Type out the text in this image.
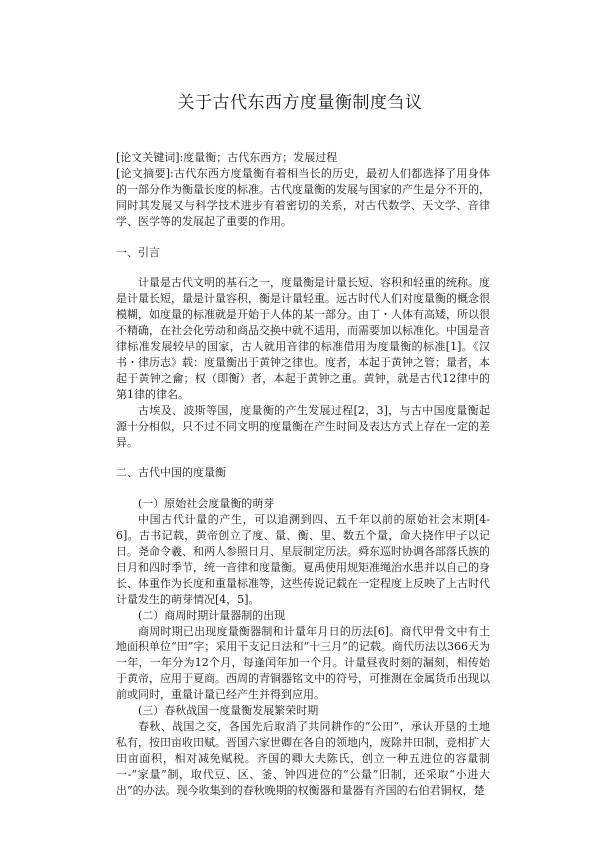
关于古代东西方度量衡制度刍议

[论文关键词]:度量衡；古代东西方；发展过程

[论文摘要]:古代东西方度量衡有着相当长的历史，最初人们都选择了用身体的一部分作为衡量长度的标准。古代度量衡的发展与国家的产生是分不开的，同时其发展又与科学技术进步有着密切的关系，对古代数学、天文学、音律学、医学等的发展起了重要的作用。

一、引言

计量是古代文明的基石之一，度量衡是计量长短、容积和轻重的统称。度是计量长短，量是计量容积，衡是计量轻重。远古时代人们对度量衡的概念很模糊，如度量的标准就是开始于人体的某一部分。由丁・人体有高矮，所以很不精确，在社会化劳动和商品交换中就不适用，而需要加以标准化。中国是音律标准发展较早的国家，古人就用音律的标准借用为度量衡的标准[1]。《汉书・律历志》载：度量衡出于黄钟之律也。度者，本起于黄钟之管；量者，本起于黄钟之龠；权（即衡）者，本起于黄钟之重。黄钟，就是古代12律中的第1律的律名。

古埃及、波斯等国，度量衡的产生发展过程[2，3]，与古中国度量衡起源十分相似，只不过不同文明的度量衡在产生时间及表达方式上存在一定的差异。

二、古代中国的度量衡

(一）原始社会度量衡的萌芽

中国古代计量的产生，可以追溯到四、五千年以前的原始社会末期[4-6]。古书记载，黄帝创立了度、量、衡、里、数五个量，命大挠作甲子以记日。尧命令羲、和两人参照日月、星辰制定历法。舜东巡时协调各部落氏族的日月和四时季节，统一音律和度量衡。夏禹使用规矩准绳治水患并以自己的身长、体重作为长度和重量标准等，这些传说记载在一定程度上反映了上古时代计量发生的萌芽情况[4，5]。

(二）商周时期计量器制的出现

商周时期已出现度量衡器制和计量年月日的历法[6]。商代甲骨文中有土地面积单位“田”字；采用干支记日法和“十三月”的记载。商代历法以366天为一年，一年分为12个月，每逢闰年加一个月。计量昼夜时刻的漏刻，相传始于黄帝，应用于夏商。西周的青铜器铭文中的符号，可推测在金属货币出现以前或同时，重量计量已经产生并得到应用。

(三）春秋战国一度量衡发展繁荣时期

春秋、战国之交，各国先后取消了共同耕作的“公田”，承认开垦的土地私有，按田亩收田赋。晋国六家世卿在各自的领地内，废除井田制，竞相扩大田亩面积，相对减免赋税。齐国的卿大夫陈氏，创立一种五进位的容量制一-“家量”制，取代豆、区、釜、钟四进位的“公量”旧制，还采取“小进大出”的办法。现今收集到的春秋晚期的权衡器和量器有齐国的右伯君铜权，楚
